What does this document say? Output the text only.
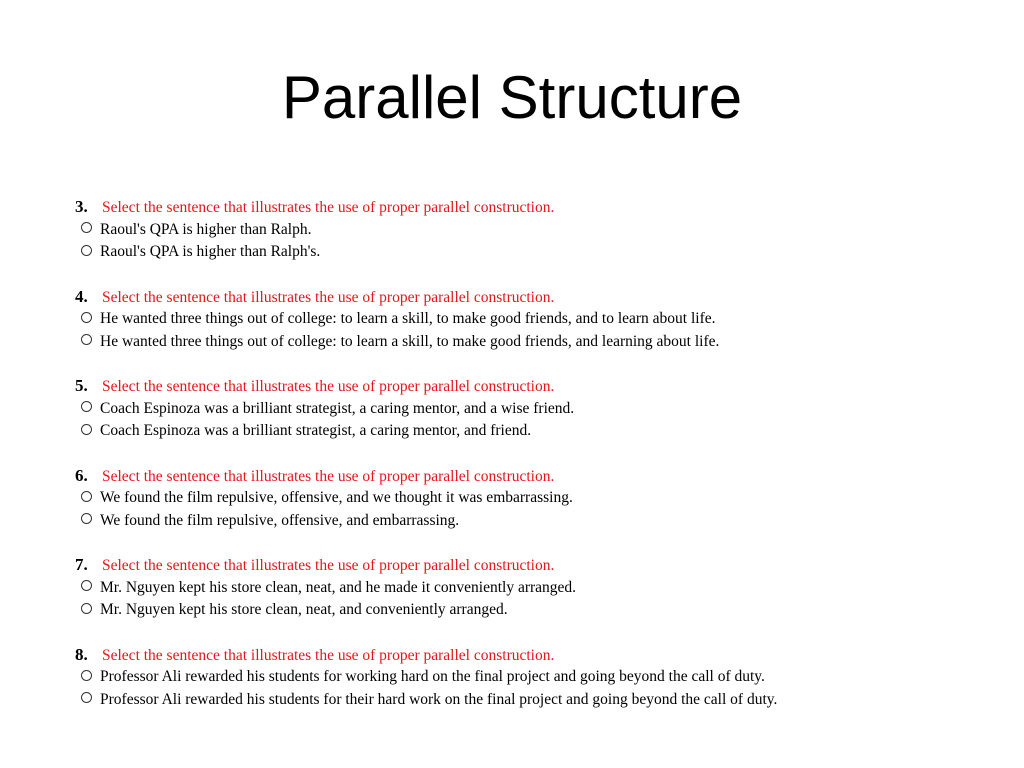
Parallel Structure
3. Select the sentence that illustrates the use of proper parallel construction.
Raoul's QPA is higher than Ralph.
Raoul's QPA is higher than Ralph's.
4. Select the sentence that illustrates the use of proper parallel construction.
He wanted three things out of college: to learn a skill, to make good friends, and to learn about life.
He wanted three things out of college: to learn a skill, to make good friends, and learning about life.
5. Select the sentence that illustrates the use of proper parallel construction.
Coach Espinoza was a brilliant strategist, a caring mentor, and a wise friend.
Coach Espinoza was a brilliant strategist, a caring mentor, and friend.
6. Select the sentence that illustrates the use of proper parallel construction.
We found the film repulsive, offensive, and we thought it was embarrassing.
We found the film repulsive, offensive, and embarrassing.
7. Select the sentence that illustrates the use of proper parallel construction.
Mr. Nguyen kept his store clean, neat, and he made it conveniently arranged.
Mr. Nguyen kept his store clean, neat, and conveniently arranged.
8. Select the sentence that illustrates the use of proper parallel construction.
Professor Ali rewarded his students for working hard on the final project and going beyond the call of duty.
Professor Ali rewarded his students for their hard work on the final project and going beyond the call of duty.
